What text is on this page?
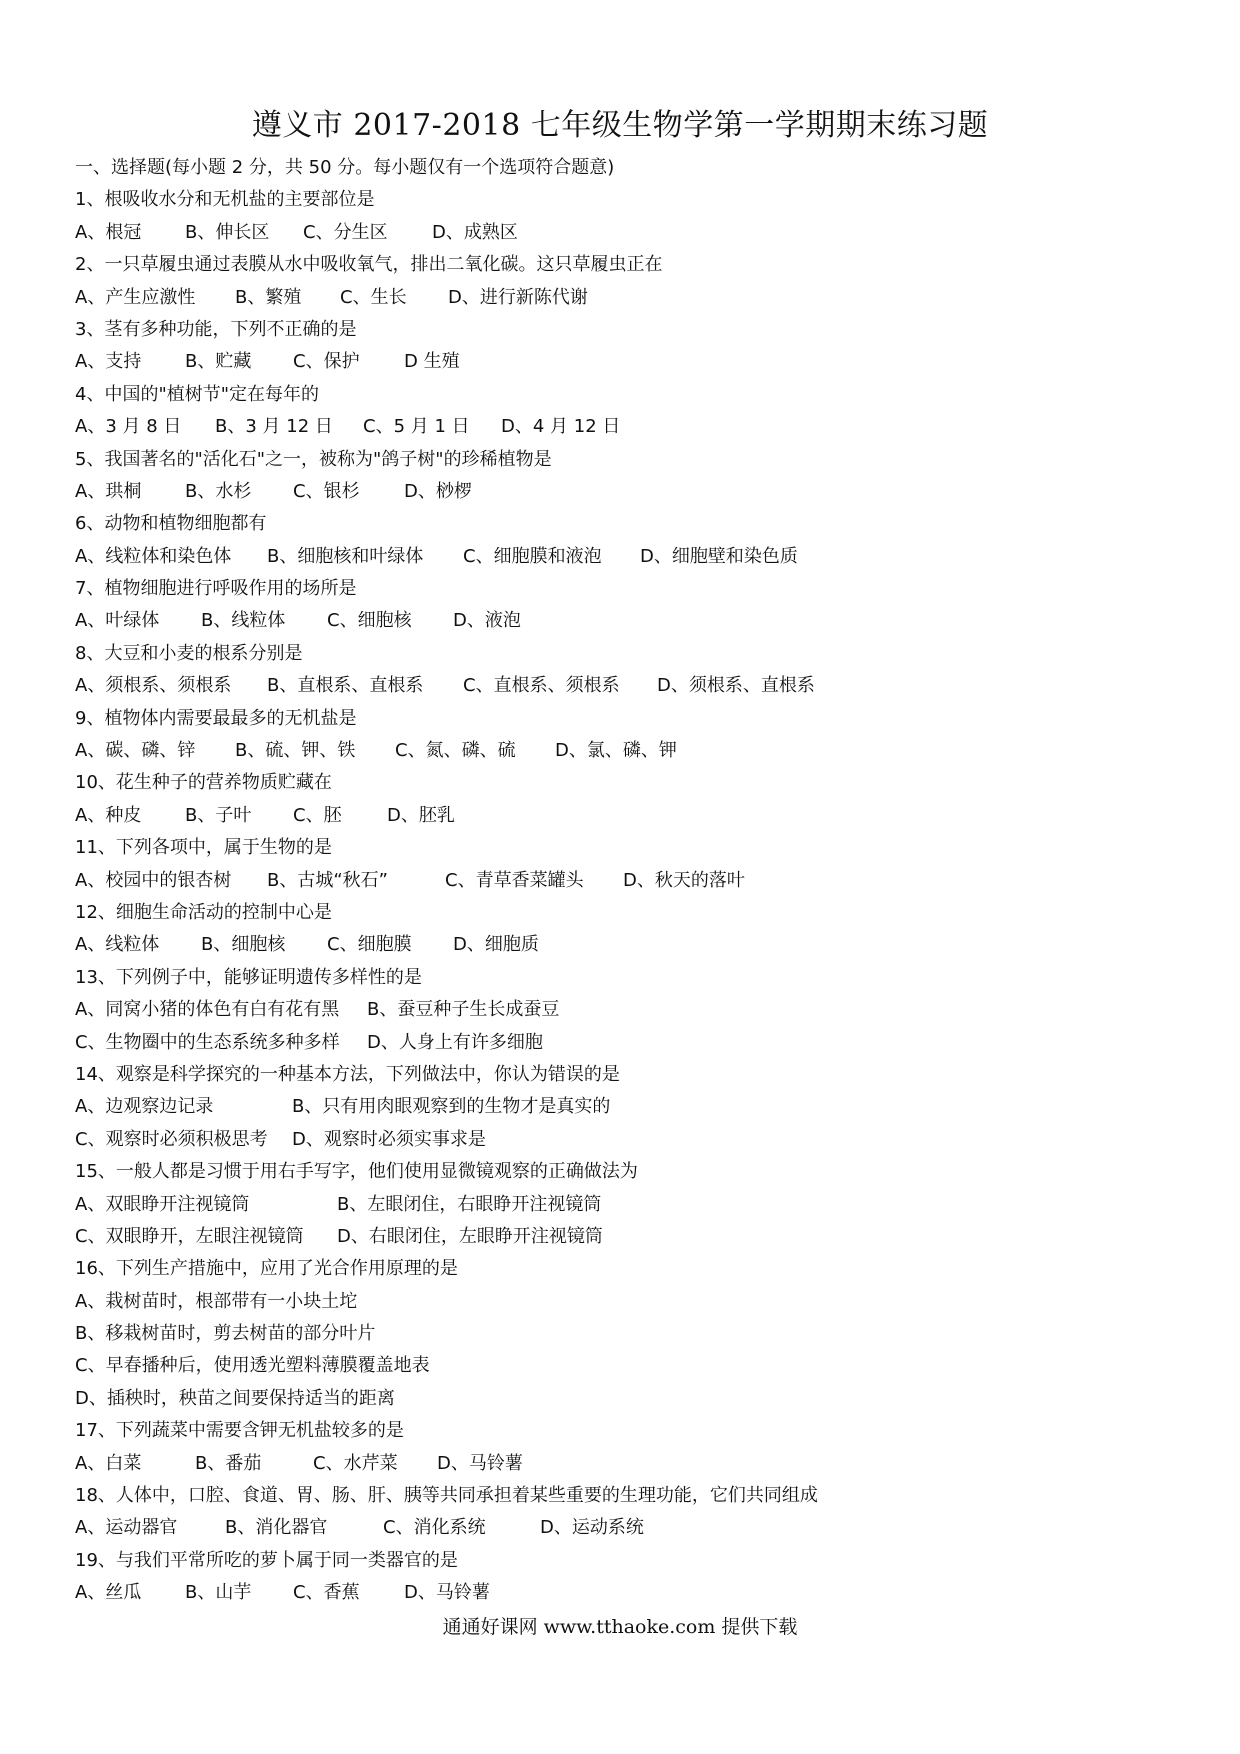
遵义市 2017-2018 七年级生物学第一学期期末练习题
一、选择题(每小题 2 分，共 50 分。每小题仅有一个选项符合题意)
1、根吸收水分和无机盐的主要部位是
A、根冠 B、伸长区 C、分生区 D、成熟区
2、一只草履虫通过表膜从水中吸收氧气，排出二氧化碳。这只草履虫正在
A、产生应激性 B、繁殖 C、生长 D、进行新陈代谢
3、茎有多种功能，下列不正确的是
A、支持 B、贮藏 C、保护 D 生殖
4、中国的"植树节"定在每年的
A、3 月 8 日 B、3 月 12 日 C、5 月 1 日 D、4 月 12 日
5、我国著名的"活化石"之一，被称为"鸽子树"的珍稀植物是
A、珙桐 B、水杉 C、银杉 D、桫椤
6、动物和植物细胞都有
A、线粒体和染色体 B、细胞核和叶绿体 C、细胞膜和液泡 D、细胞壁和染色质
7、植物细胞进行呼吸作用的场所是
A、叶绿体 B、线粒体 C、细胞核 D、液泡
8、大豆和小麦的根系分别是
A、须根系、须根系 B、直根系、直根系 C、直根系、须根系 D、须根系、直根系
9、植物体内需要最最多的无机盐是
A、碳、磷、锌 B、硫、钾、铁 C、氮、磷、硫 D、氯、磷、钾
10、花生种子的营养物质贮藏在
A、种皮 B、子叶 C、胚	D、胚乳
11、下列各项中，属于生物的是
A、校园中的银杏树 B、古城“秋石”	C、青草香菜罐头 D、秋天的落叶
12、细胞生命活动的控制中心是
A、线粒体 B、细胞核 C、细胞膜 D、细胞质
13、下列例子中，能够证明遗传多样性的是
A、同窝小猪的体色有白有花有黑 B、蚕豆种子生长成蚕豆
C、生物圈中的生态系统多种多样 D、人身上有许多细胞
14、观察是科学探究的一种基本方法，下列做法中，你认为错误的是
A、边观察边记录	B、只有用肉眼观察到的生物才是真实的
C、观察时必须积极思考 D、观察时必须实事求是
15、一般人都是习惯于用右手写字，他们使用显微镜观察的正确做法为
A、双眼睁开注视镜筒	B、左眼闭住，右眼睁开注视镜筒
C、双眼睁开，左眼注视镜筒 D、右眼闭住，左眼睁开注视镜筒
16、下列生产措施中，应用了光合作用原理的是
A、栽树苗时，根部带有一小块土坨
B、移栽树苗时，剪去树苗的部分叶片
C、早春播种后，使用透光塑料薄膜覆盖地表
D、插秧时，秧苗之间要保持适当的距离
17、下列蔬菜中需要含钾无机盐较多的是
A、白菜	B、番茄	C、水芹菜 D、马铃薯
18、人体中，口腔、食道、胃、肠、肝、胰等共同承担着某些重要的生理功能，它们共同组成
A、运动器官	B、消化器官	C、消化系统	D、运动系统
19、与我们平常所吃的萝卜属于同一类器官的是
A、丝瓜 B、山芋 C、香蕉 D、马铃薯
通通好课网 www.tthaoke.com 提供下载
